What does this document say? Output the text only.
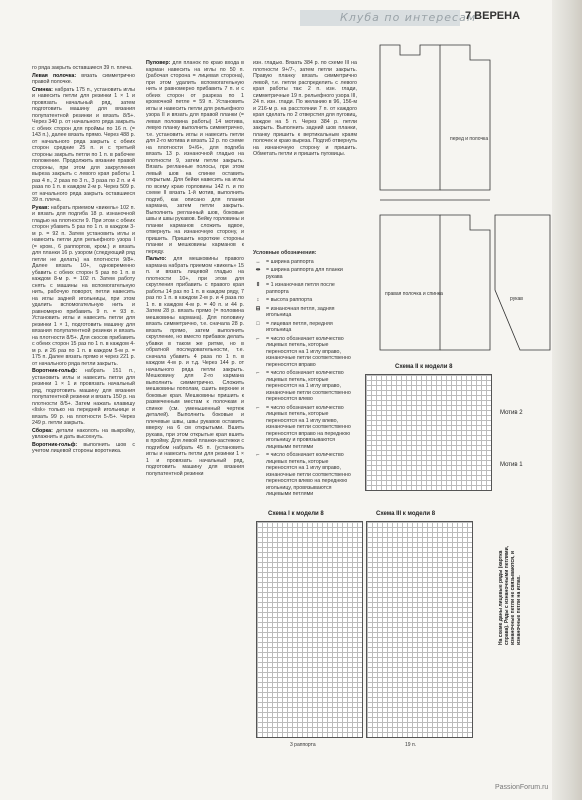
Клуба по интересам
7 ВЕРЕНА

го ряда закрыть оставшиеся 39 п. плеча.

Левая полочка: вязать симметрично правой полочке.

Спинка: набрать 175 п., установить иглы и навесить петли для резинки 1 × 1 и провязать начальный ряд, затем подготовить машину для вязания полупатентной резинки и вязать 8/5+. Через 340 р. от начального ряда закрыть с обеих сторон для проймы по 16 п. (= 143 п.), далее вязать прямо. Через 488 р. от начального ряда закрыть с обеих сторон средние 25 п. и с третьей стороны закрыть петли по 1 п. в рабочее положение. Продолжить вязание правой стороны, при этом для закругления выреза закрыть с левого края работы 1 раз 4 п., 2 раза по 3 п., 3 раза по 2 п. и 4 раза по 1 п. в каждом 2-м р. Через 509 р. от начального ряда закрыть оставшиеся 39 п. плеча.

Рукав: набрать приемом «викель» 102 п. и вязать для подгиба 18 р. изнаночной гладью на плотности 9. При этом с обеих сторон убавить 5 раз по 1 п. в каждом 3-м р. = 92 п. Затем установить иглы и навесить петли для рельефного узора I (= кром., 6 раппортов, кром.) и вязать для планки 16 р. узором (следующий ряд петли не делать) на плотности 9/8+. Далее вязать 10+, одновременно убавить с обеих сторон 5 раз по 1 п. в каждом 8-м р. = 102 п. Затем работу снять с машины на вспомогательную нить, рабочую поворот, петли навесить на иглы задней игольницы, при этом удалить вспомогательную нить и равномерно прибавить 9 п. = 93 п. Установить иглы и навесить петли для резинки 1 × 1, подготовить машину для вязания полупатентной резинки и вязать на плотности 8/5+. Для скосов прибавить с обеих сторон 15 раз по 1 п. в каждом 4-м р. и 26 раз по 1 п. в каждом 5-м р. = 175 п. Далее вязать прямо и через 221 р. от начального ряда петли закрыть.

Воротник-гольф: набрать 151 п., установить иглы и навесить петли для резинки 1 × 1 и провязать начальный ряд, подготовить машину для вязания полупатентной резинки и вязать 150 р. на плотности 8/5+. Затем нажать клавишу «lisk» только на передней игольнице и вязать 99 р. на плотности 5-/5+. Через 249 р. петли закрыть.

Сборка: детали наколоть на выкройку, увлажнить и дать высохнуть.

Воротник-гольф: выполнить шов с учетом лицевой стороны воротника.

Пуловер: для планок по краю входа в карман навесить на иглы по 50 п. (рабочая сторона = лицевая сторона), при этом удалить вспомогательную нить и равномерно прибавить 7 п. и с обеих сторон от разреза по 1 кромочной петле = 59 п. Установить иглы и навесить петли для рельефного узора II и вязать для правой планки (= левая половина работы) 14 мотива, левую планку выполнить симметрично, т.е. установить иглы и навесить петли для 2-го мотива и вязать 12 р. по схеме на плотности 9+/6+, для подгиба вязать 13 р. изнаночной гладью на плотности 9, затем петли закрыть. Вязать регланные полосы, при этом левый шов на спинке оставить открытым. Для бейки навесить на иглы по всему краю горловины 142 п. и по схеме II вязать 1-й мотив, выполнить подгиб, как описано для планки кармана, затем петли закрыть. Выполнить регланный шов, боковые швы и швы рукавов. Бейку горловины и планки карманов сложить вдвое, отвернуть на изнаночную сторону, и пришить. Пришить короткие стороны планки и мешковины карманов к переду.

Пальто: для мешковины правого кармана набрать приемом «викель» 15 п. и вязать лицевой гладью на плотности 10+, при этом для скругления прибавить с правого края работы 14 раз по 1 п. в каждом ряду, 7 раз по 1 п. в каждом 2-м р. и 4 раза по 1 п. в каждом 4-м р. = 40 п. и 44 р. Затем 28 р. вязать прямо (= половина мешковины кармана). Для половину вязать симметрично, т.е. сначала 28 р. вязать прямо, затем выполнить скругление, но вместо прибавок делать убавки в таком же ритме, но в обратной последовательности, т.е. сначала убавить 4 раза по 1 п. в каждом 4-м р. и т.д. Через 144 р. от начального ряда петли закрыть. Мешковину для 2-го кармана выполнить симметрично. Сложить мешковины пополам, сшить верхние и боковые края. Мешковины пришить к размеченным местам к полочкам и спинке (см. уменьшенный чертеж деталей). Выполнить боковые и плечевые швы, швы рукавов оставить вверху на 6 см открытыми. Вшить рукава, при этом открытые края вшить в пройму. Для левой планки-застежки с подгибом набрать 45 п. (установить иглы и навесить петли для резинки 1 × 1 и провязать начальный ряд, подготовить машину для вязания полупатентной резинки

изн. гладью. Вязать 384 р. по схеме III на плотности 9+/7-, затем петли закрыть. Правую планку вязать симметрично левой, т.е. петли распределить с левого края работы так: 2 п. изн. глади, симметричные 19 п. рельефного узора III, 24 п. изн. глади. По желанию в 96, 156-м и 216-м р. на расстоянии 7 п. от каждого края сделать по 2 отверстия для пуговиц, каждое на 5 п. Через 384 р. петли закрыть. Выполнить задний шов планки, планку пришить к вертикальным краям полочек и краю выреза. Подгиб отвернуть на изнаночную сторону и пришить. Обметать петли и пришить пуговицы.

Условные обозначения:
↔	= ширина раппорта
⇹	= ширина раппорта для планки рукава
⇕	= 1 изнаночная петля после раппорта
↕	= высота раппорта
⊟	= изнаночная петля, задняя игольница
□	= лицевая петля, передняя игольница
⌐	= число обозначает количество лицевых петель, которые переносятся на 1 иглу вправо, изнаночные петли соответственно переносятся вправо
⌐	= число обозначает количество лицевых петель, которые переносятся на 1 иглу вправо, изнаночные петли соответственно переносятся влево
⌐	= число обозначает количество лицевых петель, которые переносятся на 1 иглу влево, изнаночные петли соответственно переносятся вправо на переднюю игольницу и провязываются лицевыми петлями
⌐	= число обозначает количество лицевых петель, которые переносятся на 1 иглу вправо, изнаночные петли соответственно переносятся влево на переднюю игольницу, провязываются лицевыми петлями
перед и полочка
правая полочка и спинка
рукав
Схема II к модели 8
Мотив 2
Мотив 1
Схема I к модели 8
3 раппорта
Схема III к модели 8
19 п.
На схеме даны лицевые ряды (картка справа). Ряды с изнаночными петлями, изнаночные петли не связываются, и изнаночные петли на иглах.
PassionForum.ru
